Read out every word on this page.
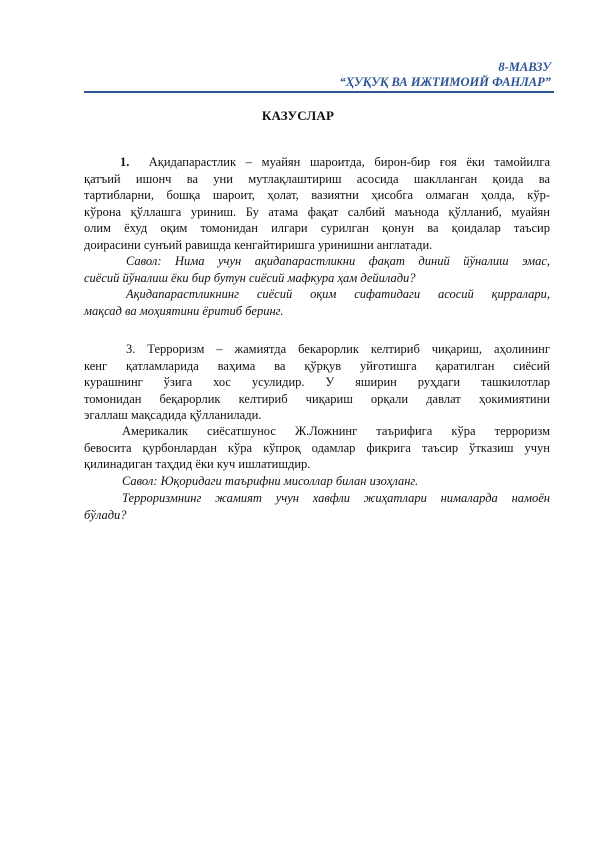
8-МАВЗУ
“ҲУҚУҚ ВА ИЖТИМОИЙ ФАНЛАР”
КАЗУСЛАР
1. Ақидапарастлик – муайян шароитда, бирон-бир ғоя ёки тамойилга
қатъий ишонч ва уни мутлақлаштириш асосида шаклланган қоида ва
тартибларни, бошқа шароит, ҳолат, вазиятни ҳисобга олмаган ҳолда, кўр-
кўрона қўллашга уриниш. Бу атама фақат салбий маънода қўлланиб, муайян
олим ёхуд оқим томонидан илгари сурилган қонун ва қоидалар таъсир
доирасини сунъий равишда кенгайтиришга уринишни англатади.
Савол: Нима учун ақидапарастликни фақат диний йўналиш эмас,
сиёсий йўналиш ёки бир бутун сиёсий мафкура ҳам дейилади?
Ақидапарастликнинг сиёсий оқим сифатидаги асосий қирралари,
мақсад ва моҳиятини ёритиб беринг.
3. Терроризм – жамиятда бекарорлик келтириб чиқариш, аҳолининг
кенг қатламларида ваҳима ва қўрқув уйғотишга қаратилган сиёсий
курашнинг ўзига хос усулидир. У яширин руҳдаги ташкилотлар
томонидан беқарорлик келтириб чиқариш орқали давлат ҳокимиятини
эгаллаш мақсадида қўлланилади.
Америкалик сиёсатшунос Ж.Ложнинг таърифига кўра терроризм
бевосита қурбонлардан кўра кўпроқ одамлар фикрига таъсир ўтказиш учун
қилинадиган таҳдид ёки куч ишлатишдир.
Савол: Юқоридаги таърифни мисоллар билан изоҳланг.
Терроризмнинг жамият учун хавфли жиҳатлари нималарда намоён
бўлади?
